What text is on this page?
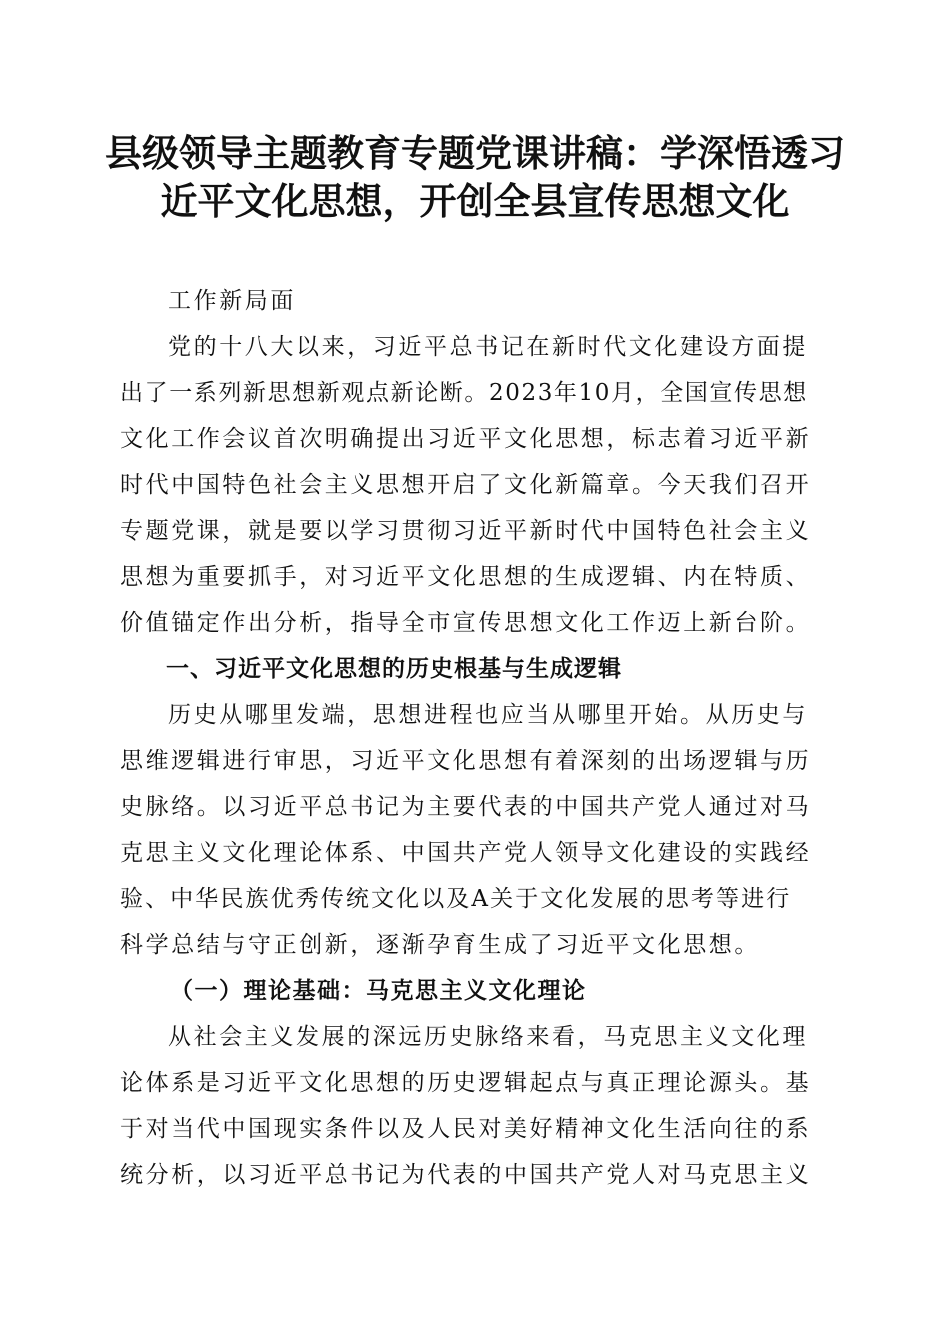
县级领导主题教育专题党课讲稿：学深悟透习
近平文化思想，开创全县宣传思想文化
工作新局面
党的十八大以来，习近平总书记在新时代文化建设方面提
出了一系列新思想新观点新论断。2023年10月，全国宣传思想
文化工作会议首次明确提出习近平文化思想，标志着习近平新
时代中国特色社会主义思想开启了文化新篇章。今天我们召开
专题党课，就是要以学习贯彻习近平新时代中国特色社会主义
思想为重要抓手，对习近平文化思想的生成逻辑、内在特质、
价值锚定作出分析，指导全市宣传思想文化工作迈上新台阶。
一、习近平文化思想的历史根基与生成逻辑
历史从哪里发端，思想进程也应当从哪里开始。从历史与
思维逻辑进行审思，习近平文化思想有着深刻的出场逻辑与历
史脉络。以习近平总书记为主要代表的中国共产党人通过对马
克思主义文化理论体系、中国共产党人领导文化建设的实践经
验、中华民族优秀传统文化以及A关于文化发展的思考等进行
科学总结与守正创新，逐渐孕育生成了习近平文化思想。
（一）理论基础：马克思主义文化理论
从社会主义发展的深远历史脉络来看，马克思主义文化理
论体系是习近平文化思想的历史逻辑起点与真正理论源头。基
于对当代中国现实条件以及人民对美好精神文化生活向往的系
统分析，以习近平总书记为代表的中国共产党人对马克思主义
